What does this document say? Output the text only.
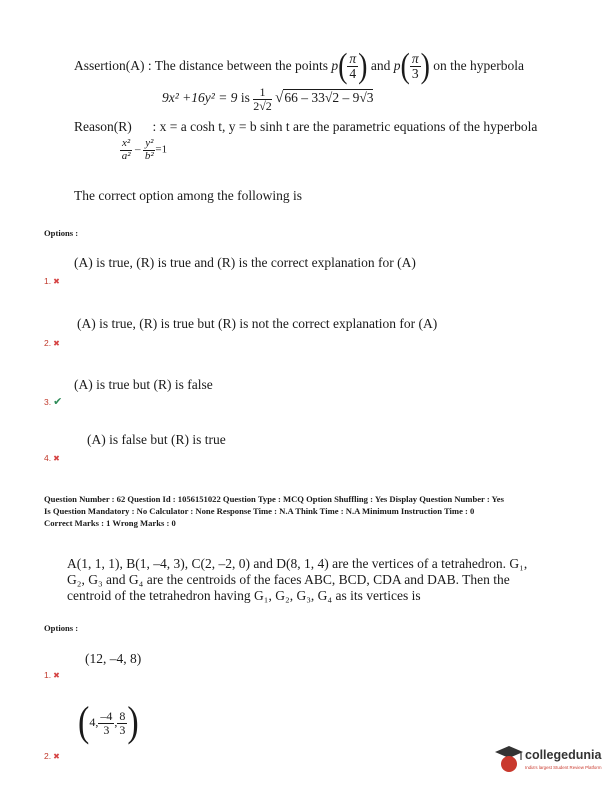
Assertion(A) : The distance between the points $p( \frac{\pi}{4}$ ) and $p( \frac{\pi}{3}$ ) on the hyperbola
9x² +16y² = 9 is $\frac{1}{2√2} √66 - 33√2 - 9√3$
Reason(R) : x = a cosh t, y = b sinh t are the parametric equations of the hyperbola
$\frac{\text{x²}}{\text{a²}} - \frac{\text{y²}}{\text{b²}} =1$
The correct option among the following is
Options :
(A) is true, (R) is true and (R) is the correct explanation for (A)
1. ✖
(A) is true, (R) is true but (R) is not the correct explanation for (A)
2. ✖
(A) is true but (R) is false
3. ✔
(A) is false but (R) is true
4. ✖
Question Number : 62 Question Id : 1056151022 Question Type : MCQ Option Shuffling : Yes Display Question Number : Yes
Is Question Mandatory : No Calculator : None Response Time : N.A Think Time : N.A Minimum Instruction Time : 0
Correct Marks : 1 Wrong Marks : 0
A(1, 1, 1), B(1, –4, 3), C(2, –2, 0) and D(8, 1, 4) are the vertices of a tetrahedron. G₁,
G₂, G₃ and G₄ are the centroids of the faces ABC, BCD, CDA and DAB. Then the
centroid of the tetrahedron having G₁, G₂, G₃, G₄ as its vertices is
Options :
(12, –4, 8)
1. ✖
(4, $\frac{-4}{3}$ , $\frac{8}{3}$ )
2. ✖	collegedunia
India's largest Student Review Platform
